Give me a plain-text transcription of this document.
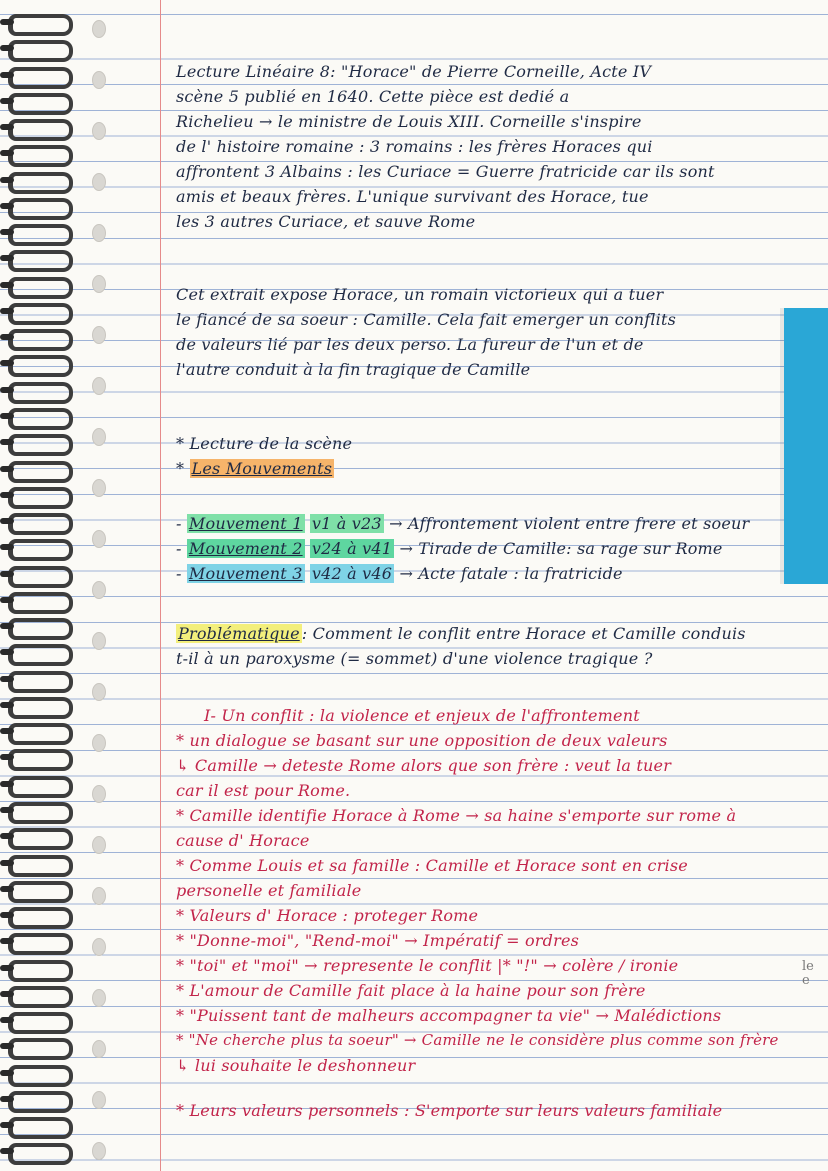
le
e
Lecture Linéaire 8: "Horace" de Pierre Corneille, Acte IV
scène 5 publié en 1640. Cette pièce est dedié a
Richelieu → le ministre de Louis XIII. Corneille s'inspire
de l' histoire romaine : 3 romains : les frères Horaces qui
affrontent 3 Albains : les Curiace = Guerre fratricide car ils sont
amis et beaux frères. L'unique survivant des Horace, tue
les 3 autres Curiace, et sauve Rome
Cet extrait expose Horace, un romain victorieux qui a tuer
le fiancé de sa soeur : Camille. Cela fait emerger un conflits
de valeurs lié par les deux perso. La fureur de l'un et de
l'autre conduit à la fin tragique de Camille
* Lecture de la scène
* Les Mouvements
- Mouvement 1 v1 à v23 → Affrontement violent entre frere et soeur
- Mouvement 2 v24 à v41 → Tirade de Camille: sa rage sur Rome
- Mouvement 3 v42 à v46 → Acte fatale : la fratricide
Problématique : Comment le conflit entre Horace et Camille conduis
t-il à un paroxysme (= sommet) d'une violence tragique ?
I- Un conflit : la violence et enjeux de l'affrontement
* un dialogue se basant sur une opposition de deux valeurs
↳ Camille → deteste Rome alors que son frère : veut la tuer
car il est pour Rome.
* Camille identifie Horace à Rome → sa haine s'emporte sur rome à
cause d' Horace
* Comme Louis et sa famille : Camille et Horace sont en crise
personelle et familiale
* Valeurs d' Horace : proteger Rome
* "Donne-moi", "Rend-moi" → Impératif = ordres
* "toi" et "moi" → represente le conflit |* "!" → colère / ironie
* L'amour de Camille fait place à la haine pour son frère
* "Puissent tant de malheurs accompagner ta vie" → Malédictions
* "Ne cherche plus ta soeur" → Camille ne le considère plus comme son frère
↳ lui souhaite le deshonneur
* Leurs valeurs personnels : S'emporte sur leurs valeurs familiale
